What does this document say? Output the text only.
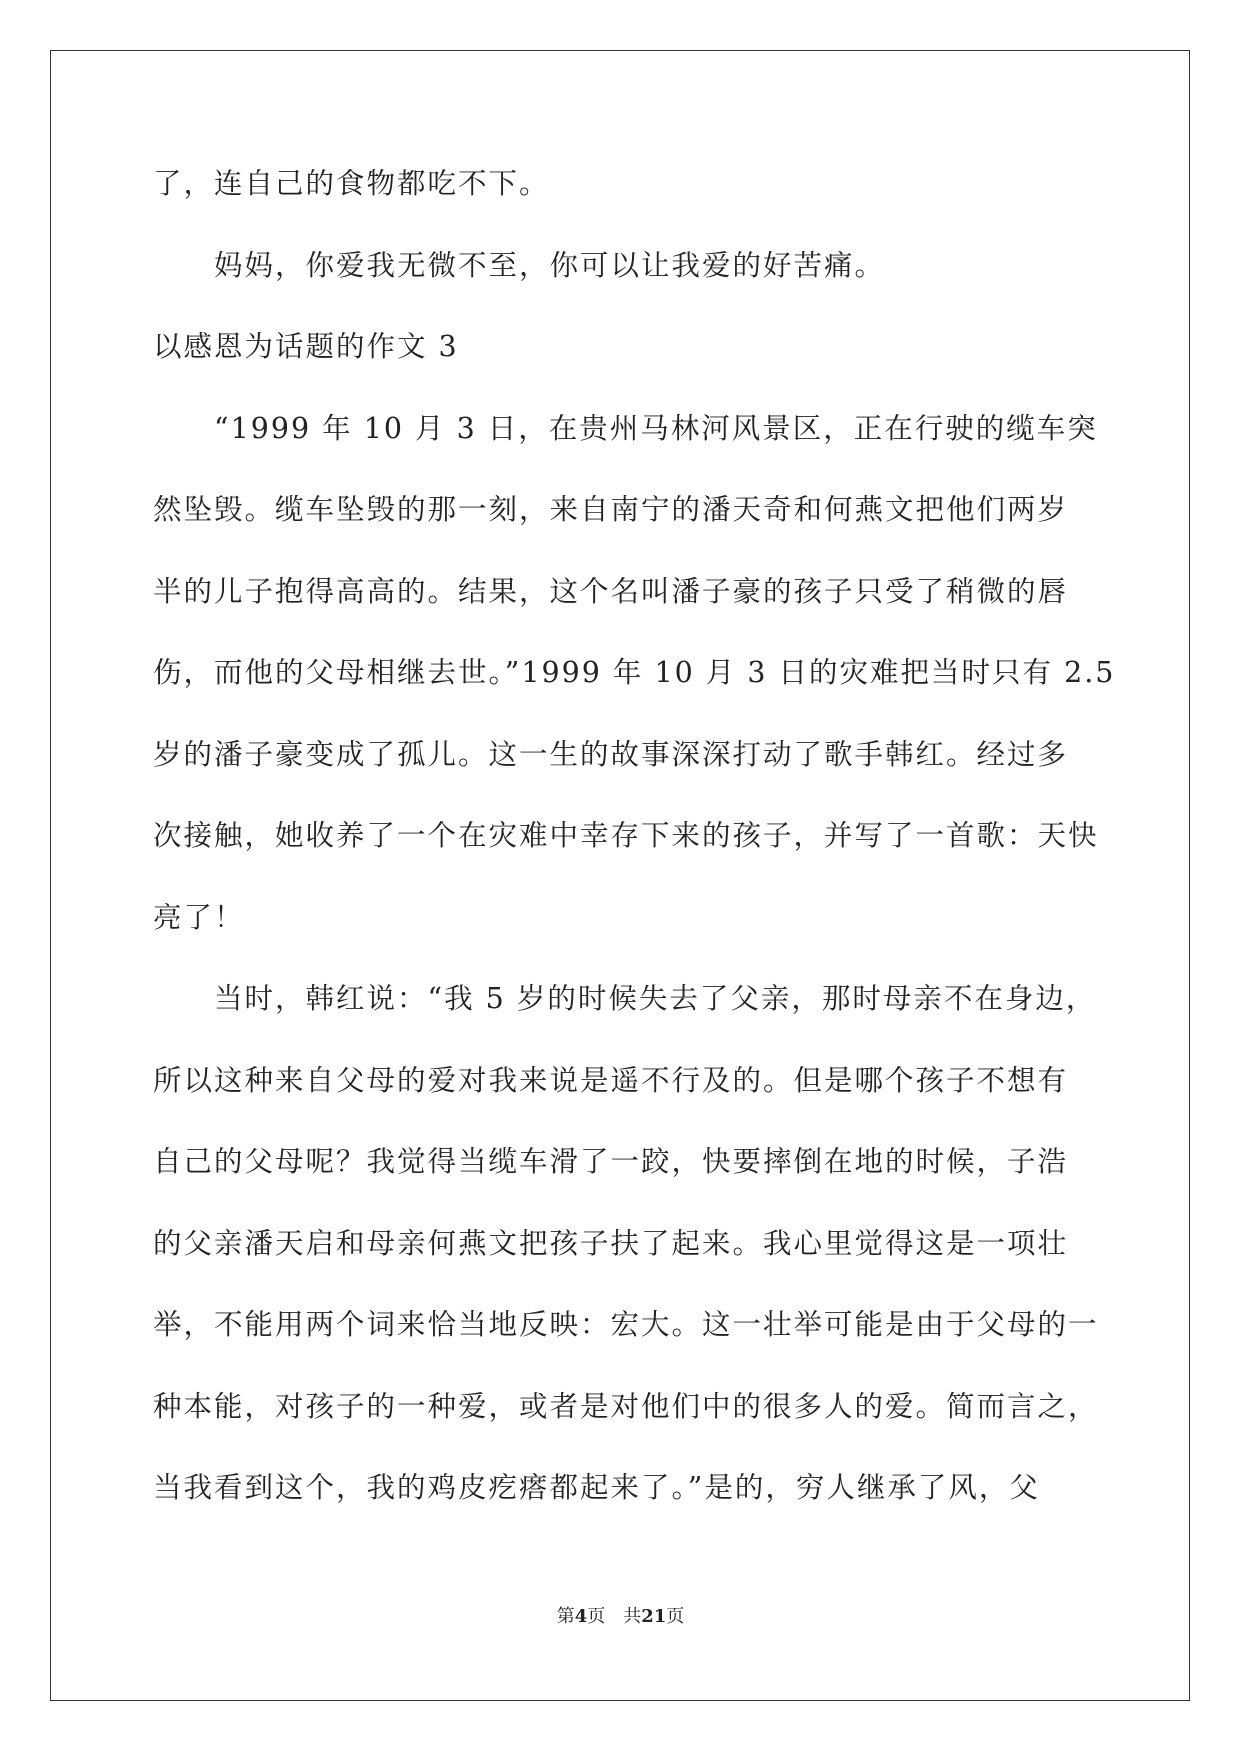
了，连自己的食物都吃不下。
　　妈妈，你爱我无微不至，你可以让我爱的好苦痛。
以感恩为话题的作文 3
　　“1999 年 10 月 3 日，在贵州马林河风景区，正在行驶的缆车突
然坠毁。缆车坠毁的那一刻，来自南宁的潘天奇和何燕文把他们两岁
半的儿子抱得高高的。结果，这个名叫潘子豪的孩子只受了稍微的唇
伤，而他的父母相继去世。”1999 年 10 月 3 日的灾难把当时只有 2.5
岁的潘子豪变成了孤儿。这一生的故事深深打动了歌手韩红。经过多
次接触，她收养了一个在灾难中幸存下来的孩子，并写了一首歌：天快
亮了！
　　当时，韩红说：“我 5 岁的时候失去了父亲，那时母亲不在身边，
所以这种来自父母的爱对我来说是遥不行及的。但是哪个孩子不想有
自己的父母呢？我觉得当缆车滑了一跤，快要摔倒在地的时候，子浩
的父亲潘天启和母亲何燕文把孩子扶了起来。我心里觉得这是一项壮
举，不能用两个词来恰当地反映：宏大。这一壮举可能是由于父母的一
种本能，对孩子的一种爱，或者是对他们中的很多人的爱。简而言之，
当我看到这个，我的鸡皮疙瘩都起来了。”是的，穷人继承了风，父
第4页　共21页
